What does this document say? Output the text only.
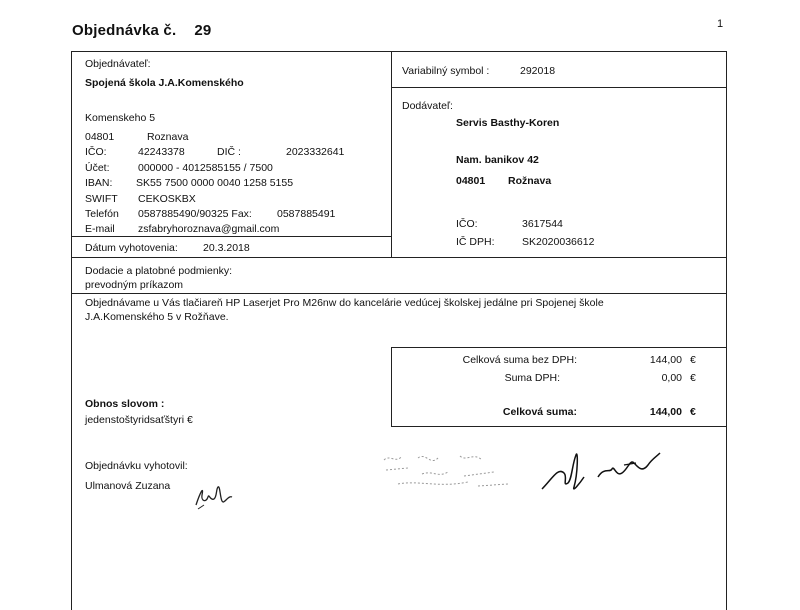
Objednávka č. 29	1
Objednávateľ:
Spojená škola J.A.Komenského
Komenskeho 5
04801	Roznava
IČO:	42243378	DIČ :	2023332641
Účet:	000000 - 4012585155 / 7500
IBAN: SK55 7500 0000 0040 1258 5155
SWIFT CEKOSKBX
Telefón 0587885490/90325 Fax: 0587885491
E-mail zsfabryhoroznava@gmail.com
Dátum vyhotovenia: 20.3.2018
Variabilný symbol :	292018
Dodávateľ:
Servis Basthy-Koren
Nam. banikov 42
04801 Rožnava
IČO:	3617544
IČ DPH:	SK2020036612
Dodacie a platobné podmienky:
prevodným príkazom
Objednávame u Vás tlačiareň HP Laserjet Pro M26nw do kancelárie vedúcej školskej jedálne pri Spojenej škole
J.A.Komenského 5 v Rožňave.
Celková suma bez DPH:	144,00 €
Suma DPH:	0,00 €
Celková suma:	144,00 €
Obnos slovom :
jedenstoštyridsaťštyri €
Objednávku vyhotovil:
Ulmanová Zuzana
